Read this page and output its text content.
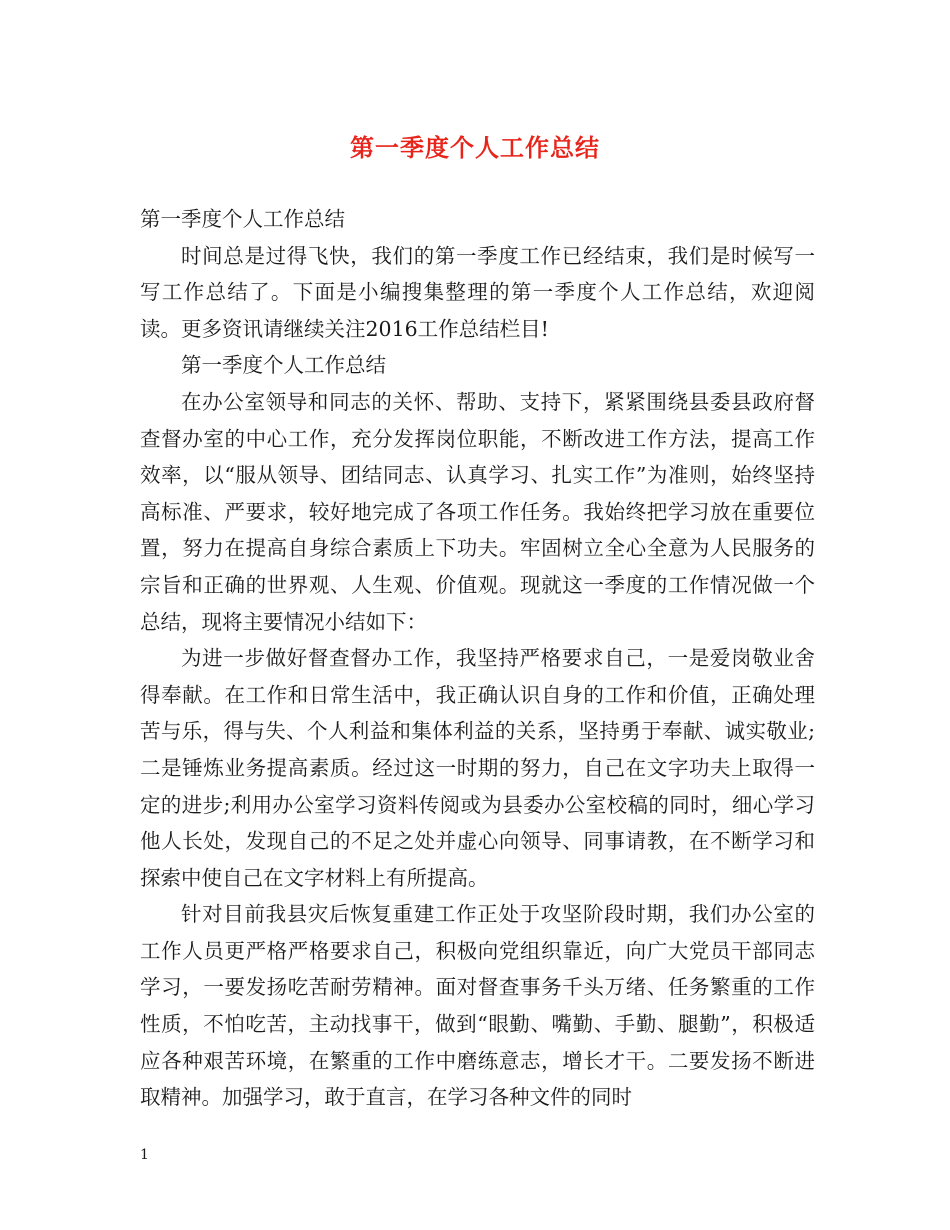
第一季度个人工作总结

第一季度个人工作总结

时间总是过得飞快，我们的第一季度工作已经结束，我们是时候写一写工作总结了。下面是小编搜集整理的第一季度个人工作总结，欢迎阅读。更多资讯请继续关注2016工作总结栏目!

第一季度个人工作总结

在办公室领导和同志的关怀、帮助、支持下，紧紧围绕县委县政府督查督办室的中心工作，充分发挥岗位职能，不断改进工作方法，提高工作效率，以“服从领导、团结同志、认真学习、扎实工作”为准则，始终坚持高标准、严要求，较好地完成了各项工作任务。我始终把学习放在重要位置，努力在提高自身综合素质上下功夫。牢固树立全心全意为人民服务的宗旨和正确的世界观、人生观、价值观。现就这一季度的工作情况做一个总结，现将主要情况小结如下：

为进一步做好督查督办工作，我坚持严格要求自己，一是爱岗敬业舍得奉献。在工作和日常生活中，我正确认识自身的工作和价值，正确处理苦与乐，得与失、个人利益和集体利益的关系，坚持勇于奉献、诚实敬业;二是锤炼业务提高素质。经过这一时期的努力，自己在文字功夫上取得一定的进步;利用办公室学习资料传阅或为县委办公室校稿的同时，细心学习他人长处，发现自己的不足之处并虚心向领导、同事请教，在不断学习和探索中使自己在文字材料上有所提高。

针对目前我县灾后恢复重建工作正处于攻坚阶段时期，我们办公室的工作人员更严格严格要求自己，积极向党组织靠近，向广大党员干部同志学习，一要发扬吃苦耐劳精神。面对督查事务千头万绪、任务繁重的工作性质，不怕吃苦，主动找事干，做到“眼勤、嘴勤、手勤、腿勤”，积极适应各种艰苦环境，在繁重的工作中磨练意志，增长才干。二要发扬不断进取精神。加强学习，敢于直言，在学习各种文件的同时

1
